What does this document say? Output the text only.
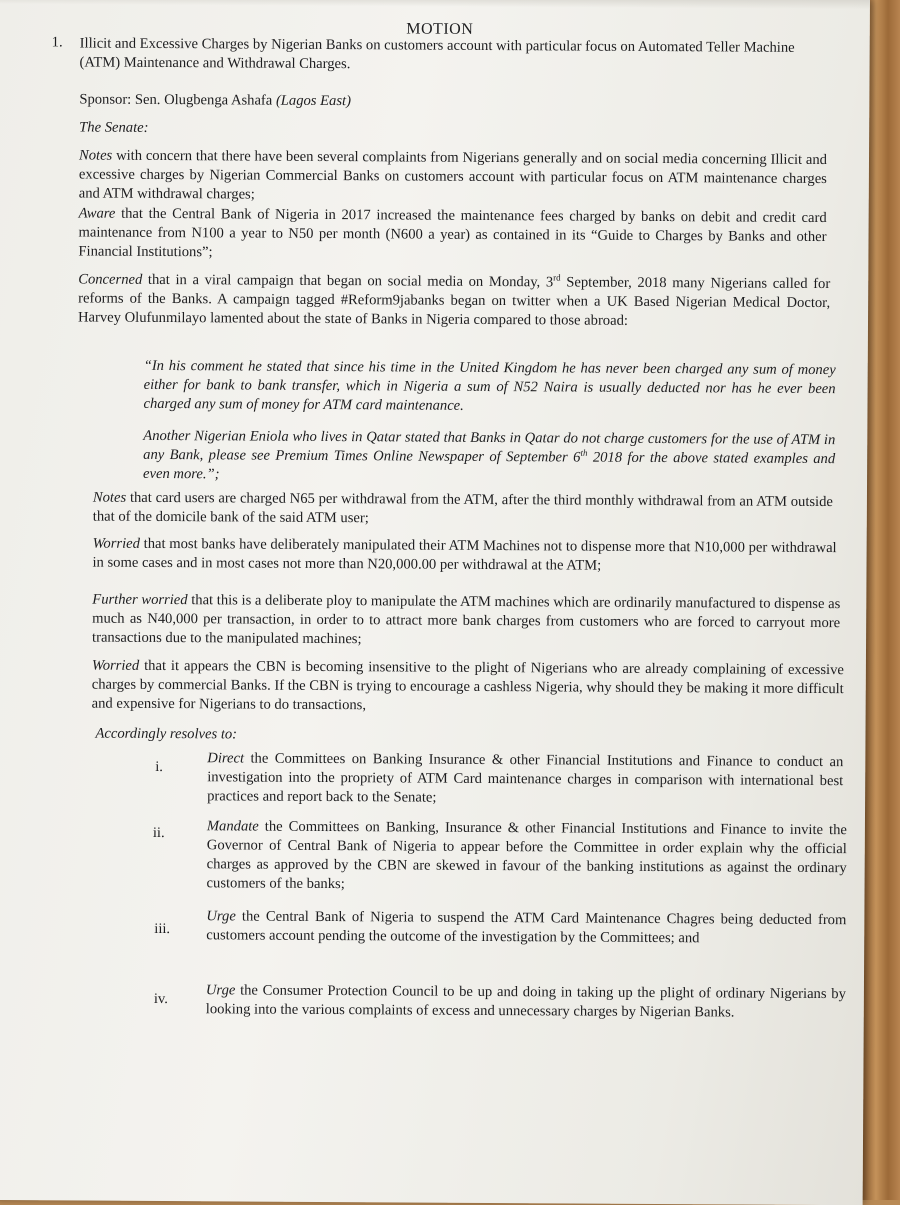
MOTION
1. Illicit and Excessive Charges by Nigerian Banks on customers account with particular focus on Automated Teller Machine (ATM) Maintenance and Withdrawal Charges.
Sponsor: Sen. Olugbenga Ashafa (Lagos East)
The Senate:
Notes with concern that there have been several complaints from Nigerians generally and on social media concerning Illicit and excessive charges by Nigerian Commercial Banks on customers account with particular focus on ATM maintenance charges and ATM withdrawal charges;
Aware that the Central Bank of Nigeria in 2017 increased the maintenance fees charged by banks on debit and credit card maintenance from N100 a year to N50 per month (N600 a year) as contained in its “Guide to Charges by Banks and other Financial Institutions”;
Concerned that in a viral campaign that began on social media on Monday, 3rd September, 2018 many Nigerians called for reforms of the Banks. A campaign tagged #Reform9jabanks began on twitter when a UK Based Nigerian Medical Doctor, Harvey Olufunmilayo lamented about the state of Banks in Nigeria compared to those abroad:
“In his comment he stated that since his time in the United Kingdom he has never been charged any sum of money either for bank to bank transfer, which in Nigeria a sum of N52 Naira is usually deducted nor has he ever been charged any sum of money for ATM card maintenance.
Another Nigerian Eniola who lives in Qatar stated that Banks in Qatar do not charge customers for the use of ATM in any Bank, please see Premium Times Online Newspaper of September 6th 2018 for the above stated examples and even more.”;
Notes that card users are charged N65 per withdrawal from the ATM, after the third monthly withdrawal from an ATM outside that of the domicile bank of the said ATM user;
Worried that most banks have deliberately manipulated their ATM Machines not to dispense more that N10,000 per withdrawal in some cases and in most cases not more than N20,000.00 per withdrawal at the ATM;
Further worried that this is a deliberate ploy to manipulate the ATM machines which are ordinarily manufactured to dispense as much as N40,000 per transaction, in order to to attract more bank charges from customers who are forced to carryout more transactions due to the manipulated machines;
Worried that it appears the CBN is becoming insensitive to the plight of Nigerians who are already complaining of excessive charges by commercial Banks. If the CBN is trying to encourage a cashless Nigeria, why should they be making it more difficult and expensive for Nigerians to do transactions,
Accordingly resolves to:
i.
Direct the Committees on Banking Insurance & other Financial Institutions and Finance to conduct an investigation into the propriety of ATM Card maintenance charges in comparison with international best practices and report back to the Senate;
ii.	Mandate the Committees on Banking, Insurance & other Financial Institutions and Finance to invite the Governor of Central Bank of Nigeria to appear before the Committee in order explain why the official charges as approved by the CBN are skewed in favour of the banking institutions as against the ordinary customers of the banks;
iii.
Urge the Central Bank of Nigeria to suspend the ATM Card Maintenance Chagres being deducted from customers account pending the outcome of the investigation by the Committees; and
iv.
Urge the Consumer Protection Council to be up and doing in taking up the plight of ordinary Nigerians by looking into the various complaints of excess and unnecessary charges by Nigerian Banks.
